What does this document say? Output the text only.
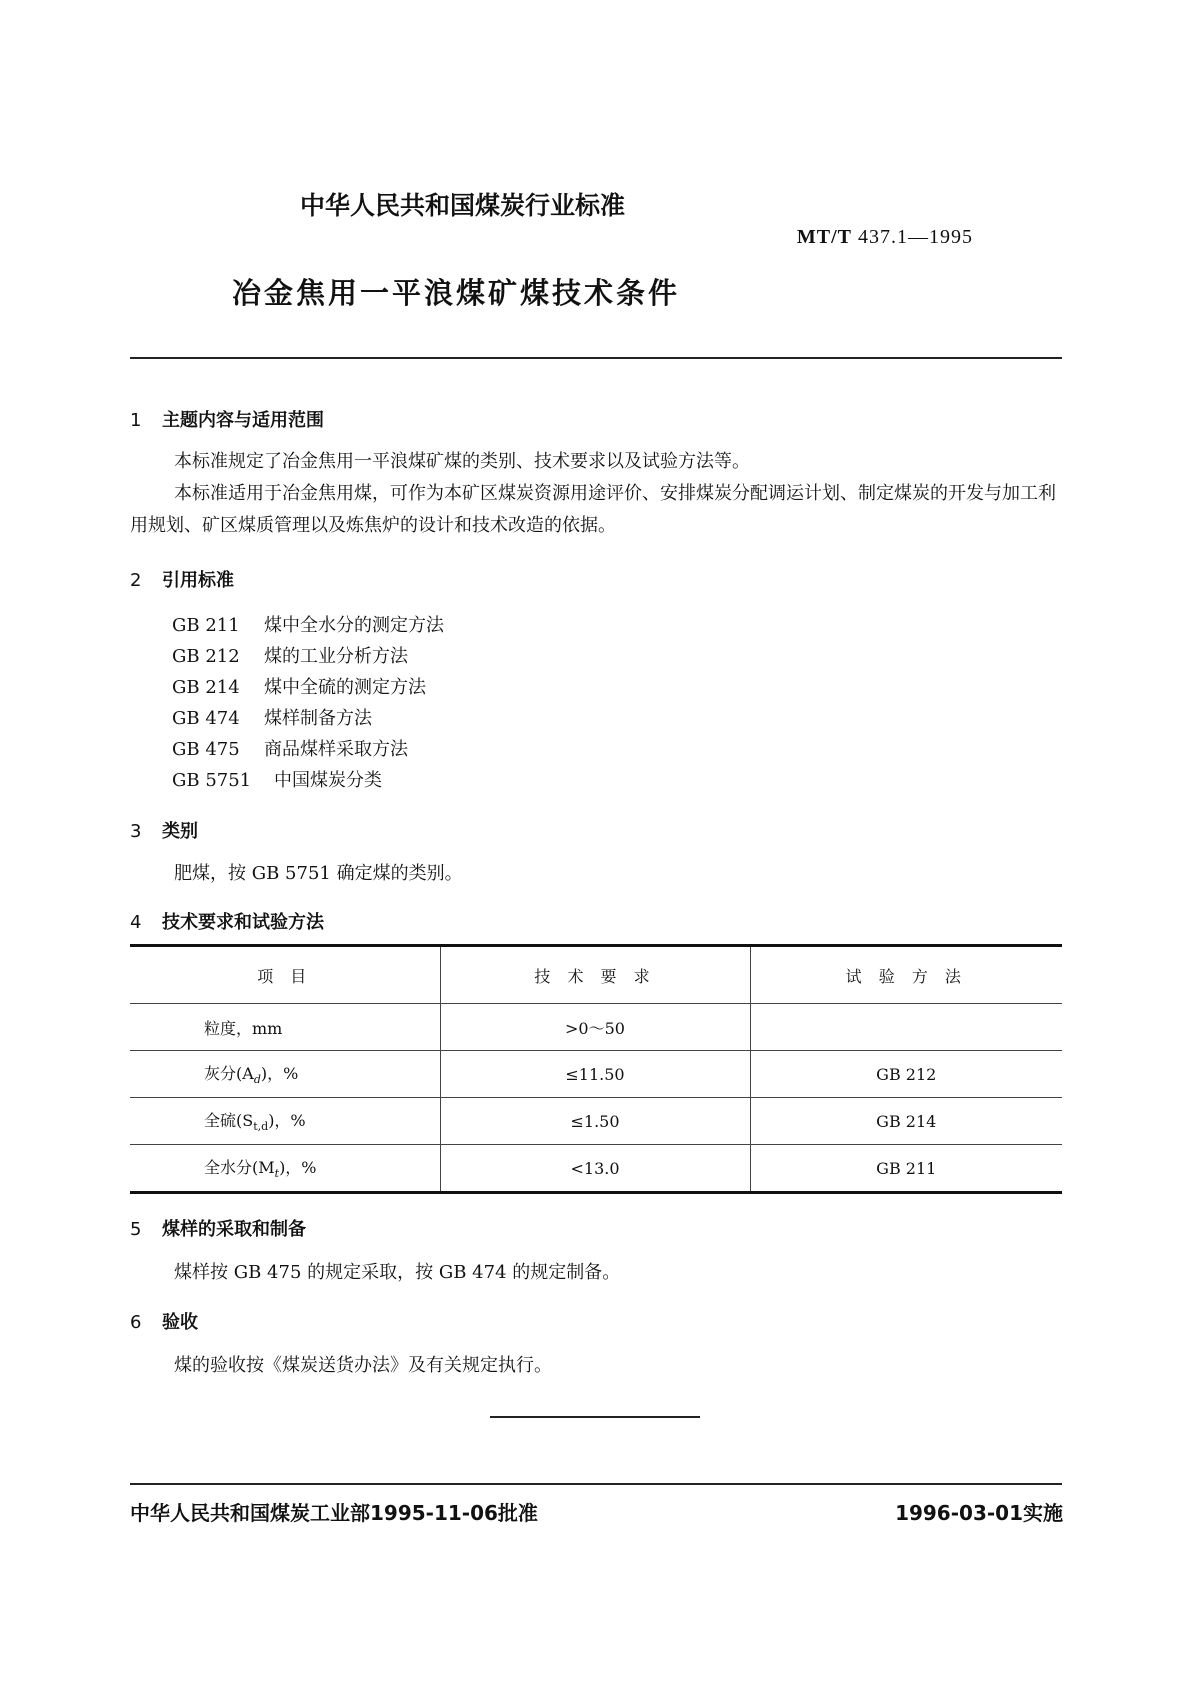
中华人民共和国煤炭行业标准
MT/T 437.1—1995
冶金焦用一平浪煤矿煤技术条件
1 主题内容与适用范围
本标准规定了冶金焦用一平浪煤矿煤的类别、技术要求以及试验方法等。
本标准适用于冶金焦用煤，可作为本矿区煤炭资源用途评价、安排煤炭分配调运计划、制定煤炭的开发与加工利用规划、矿区煤质管理以及炼焦炉的设计和技术改造的依据。
2 引用标准
GB 211 煤中全水分的测定方法
GB 212 煤的工业分析方法
GB 214 煤中全硫的测定方法
GB 474 煤样制备方法
GB 475 商品煤样采取方法
GB 5751 中国煤炭分类
3 类别
肥煤，按 GB 5751 确定煤的类别。
4 技术要求和试验方法
项 目	技 术 要 求	试 验 方 法
粒度，mm	>0～50	
灰分$(A_d)$，%	≤11.50	GB 212
全硫$(S_{t,d})$，%	≤1.50	GB 214
全水分$(M_t)$，%	<13.0	GB 211
5 煤样的采取和制备
煤样按 GB 475 的规定采取，按 GB 474 的规定制备。
6 验收
煤的验收按《煤炭送货办法》及有关规定执行。
中华人民共和国煤炭工业部1995-11-06批准	1996-03-01实施
